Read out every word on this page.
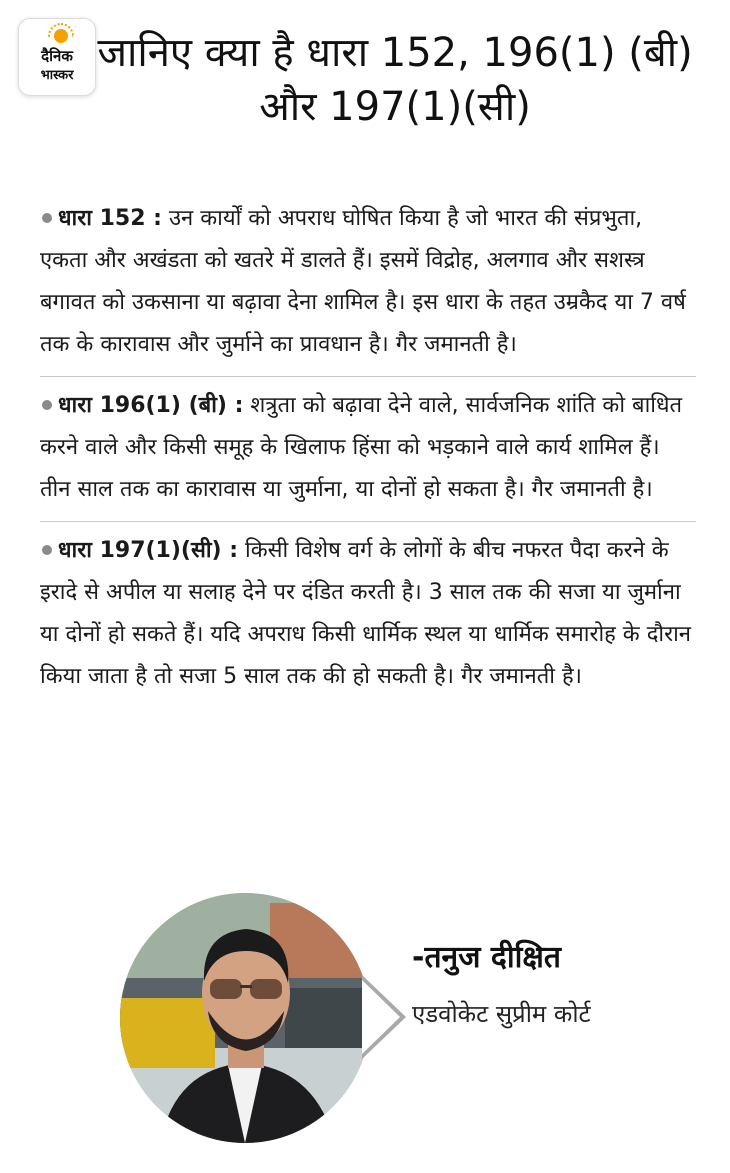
दैनिक
भास्कर जानिए क्या है धारा 152, 196(1) (बी) और 197(1)(सी)

धारा 152 : उन कार्यों को अपराध घोषित किया है जो भारत की संप्रभुता, एकता और अखंडता को खतरे में डालते हैं। इसमें विद्रोह, अलगाव और सशस्त्र बगावत को उकसाना या बढ़ावा देना शामिल है। इस धारा के तहत उम्रकैद या 7 वर्ष तक के कारावास और जुर्माने का प्रावधान है। गैर जमानती है।

धारा 196(1) (बी) : शत्रुता को बढ़ावा देने वाले, सार्वजनिक शांति को बाधित करने वाले और किसी समूह के खिलाफ हिंसा को भड़काने वाले कार्य शामिल हैं। तीन साल तक का कारावास या जुर्माना, या दोनों हो सकता है। गैर जमानती है।

धारा 197(1)(सी) : किसी विशेष वर्ग के लोगों के बीच नफरत पैदा करने के इरादे से अपील या सलाह देने पर दंडित करती है। 3 साल तक की सजा या जुर्माना या दोनों हो सकते हैं। यदि अपराध किसी धार्मिक स्थल या धार्मिक समारोह के दौरान किया जाता है तो सजा 5 साल तक की हो सकती है। गैर जमानती है।

-तनुज दीक्षित
एडवोकेट सुप्रीम कोर्ट
